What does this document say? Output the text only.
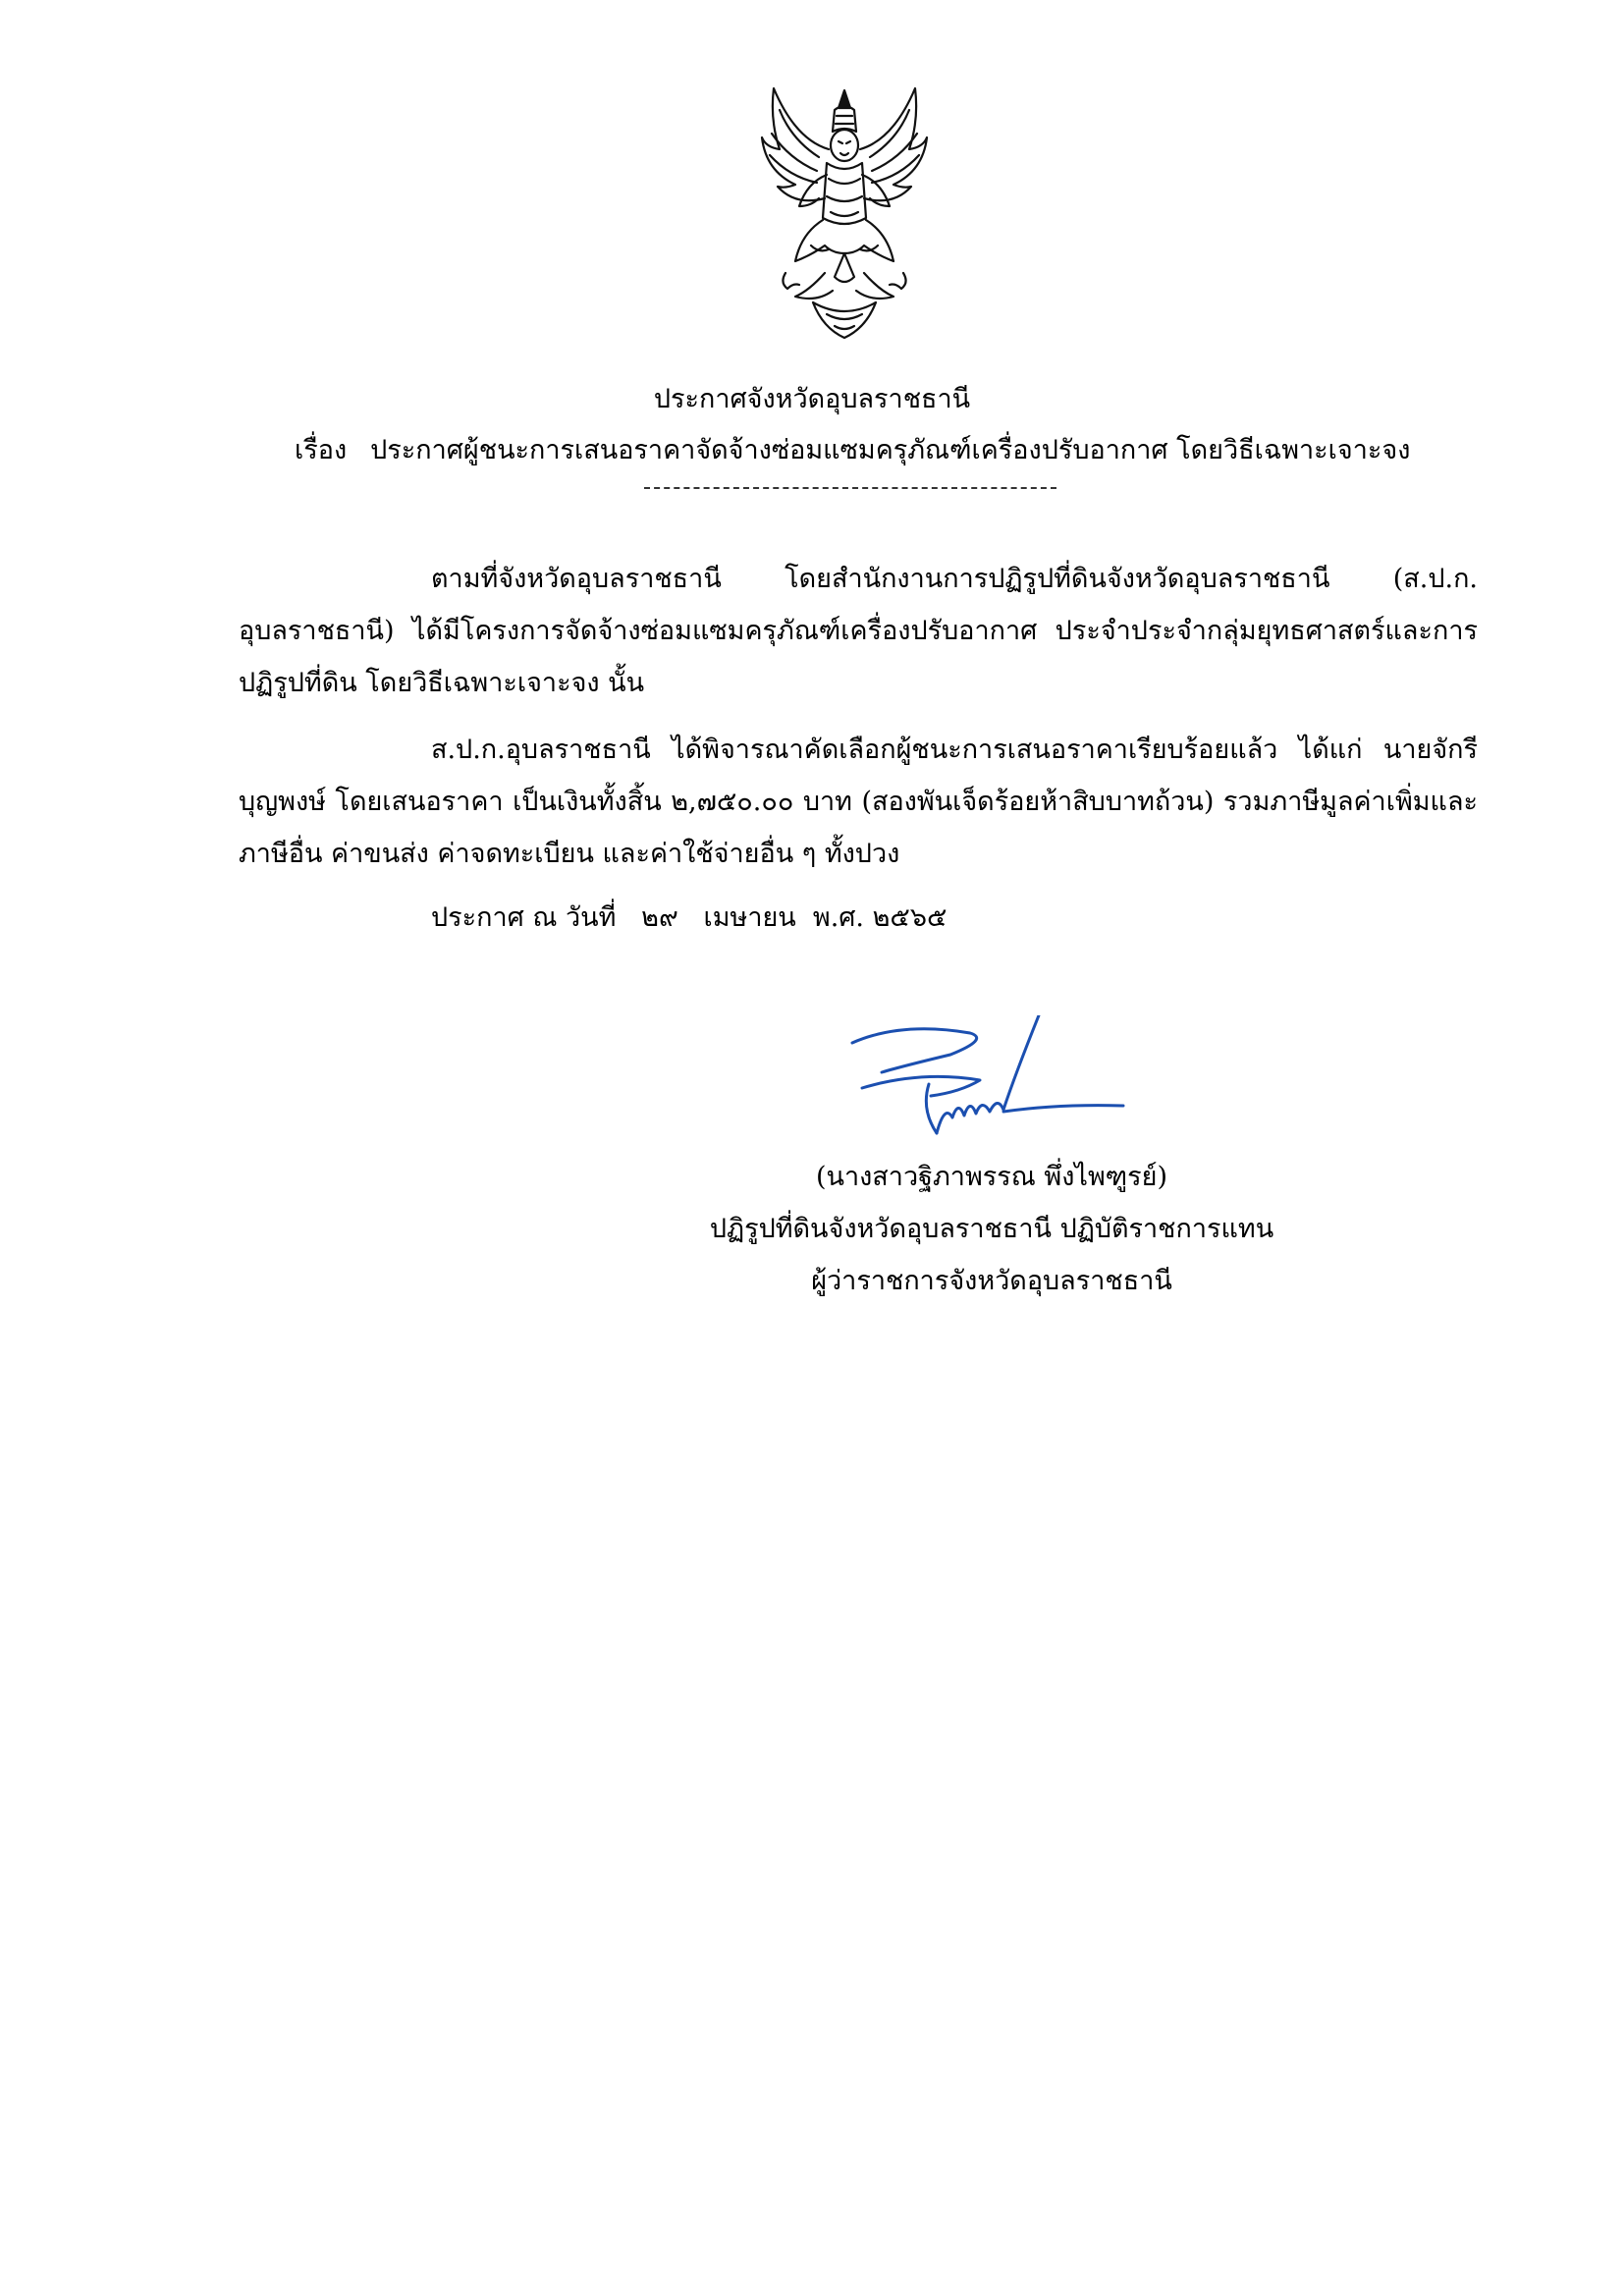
ประกาศจังหวัดอุบลราชธานี
เรื่อง ประกาศผู้ชนะการเสนอราคาจัดจ้างซ่อมแซมครุภัณฑ์เครื่องปรับอากาศ โดยวิธีเฉพาะเจาะจง
ตามที่จังหวัดอุบลราชธานี โดยสำนักงานการปฏิรูปที่ดินจังหวัดอุบลราชธานี (ส.ป.ก. อุบลราชธานี) ได้มีโครงการจัดจ้างซ่อมแซมครุภัณฑ์เครื่องปรับอากาศ ประจำประจำกลุ่มยุทธศาสตร์และการปฏิรูปที่ดิน โดยวิธีเฉพาะเจาะจง นั้น
ส.ป.ก.อุบลราชธานี ได้พิจารณาคัดเลือกผู้ชนะการเสนอราคาเรียบร้อยแล้ว ได้แก่ นายจักรี บุญพงษ์ โดยเสนอราคา เป็นเงินทั้งสิ้น ๒,๗๕๐.๐๐ บาท (สองพันเจ็ดร้อยห้าสิบบาทถ้วน) รวมภาษีมูลค่าเพิ่มและภาษีอื่น ค่าขนส่ง ค่าจดทะเบียน และค่าใช้จ่ายอื่น ๆ ทั้งปวง
ประกาศ ณ วันที่   ๒๙   เมษายน  พ.ศ. ๒๕๖๕
(นางสาวฐิภาพรรณ พึ่งไพฑูรย์)
ปฏิรูปที่ดินจังหวัดอุบลราชธานี ปฏิบัติราชการแทน
ผู้ว่าราชการจังหวัดอุบลราชธานี
